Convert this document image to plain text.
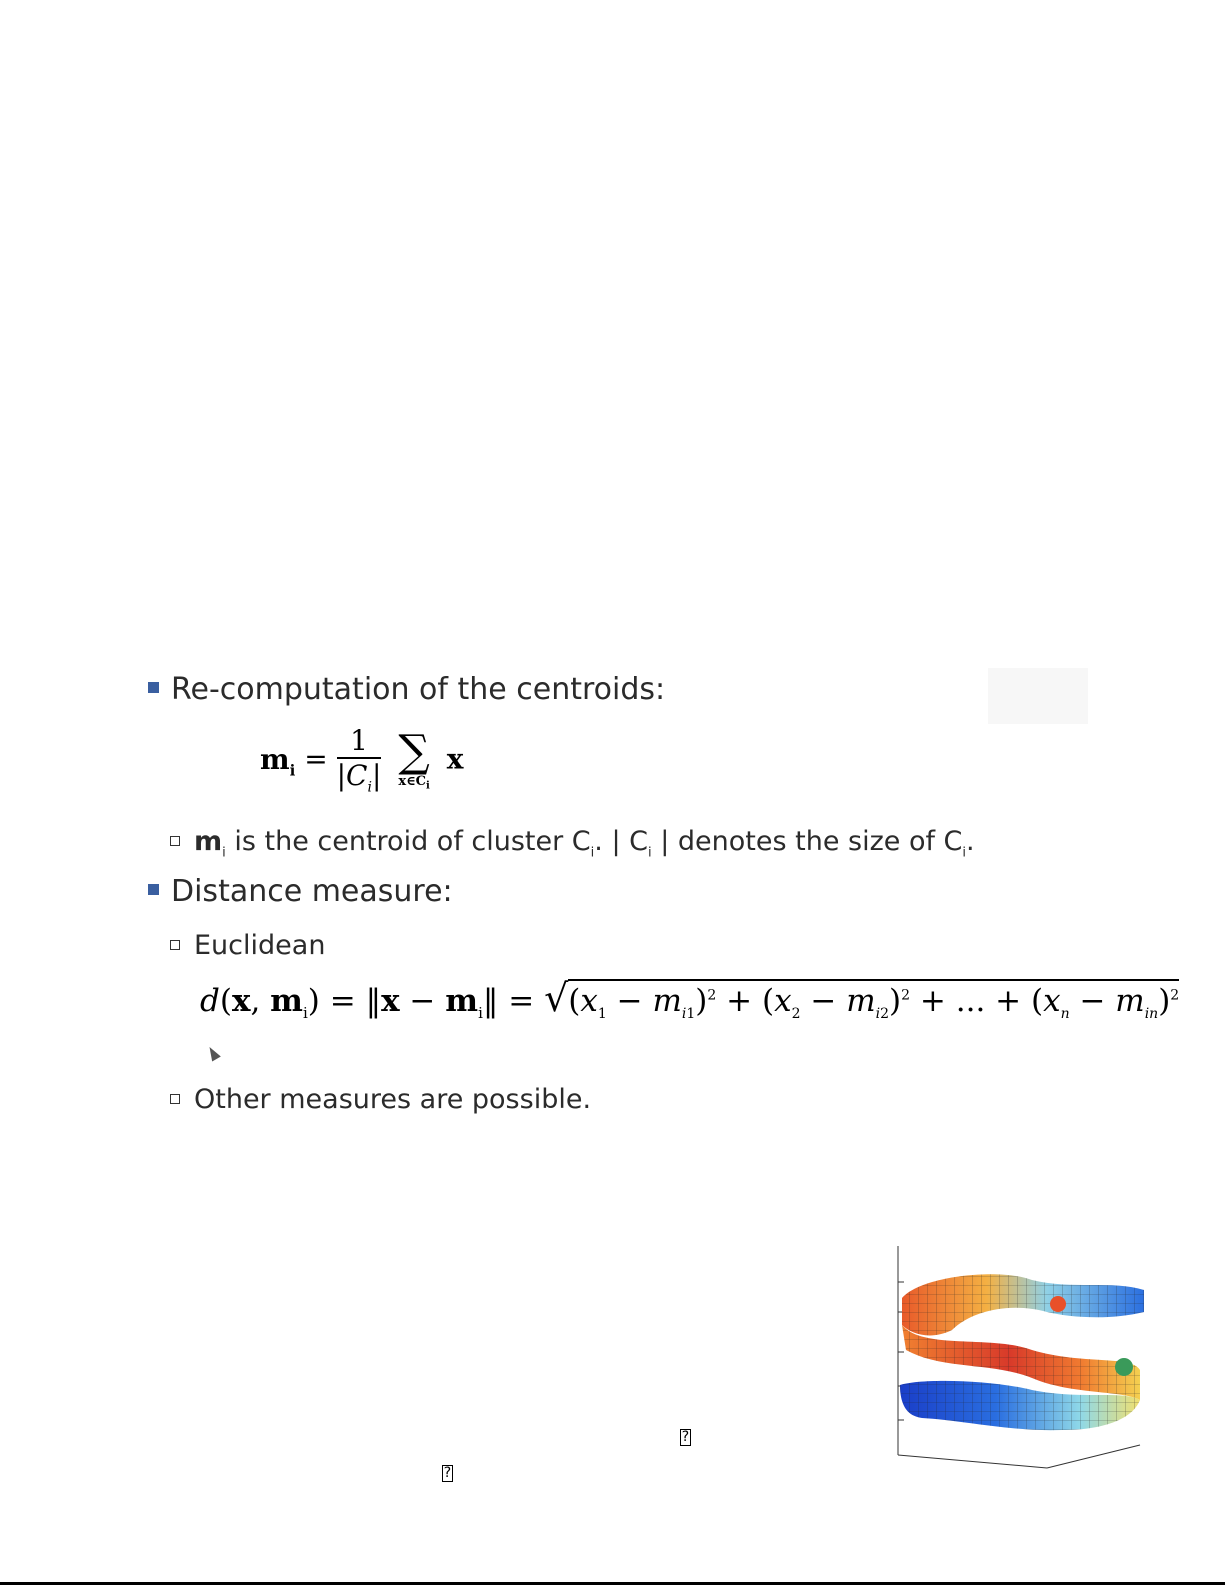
Re-computation of the centroids:
$m_i = \frac{1}{|C_i|}$
∑
$x\in C_i$
x
$m_i$ is the centroid of cluster $C_i$. | $C_i$ | denotes the size of $C_i$.
Distance measure:
Euclidean
d(x, $m_i$) = ‖x − $m_i‖ = √(x_1 - m_{i1})^2 + (x_2 - m_{i2})^2$ + ... + $(x_n - m_{in})^2$
Other measures are possible.
?
?
